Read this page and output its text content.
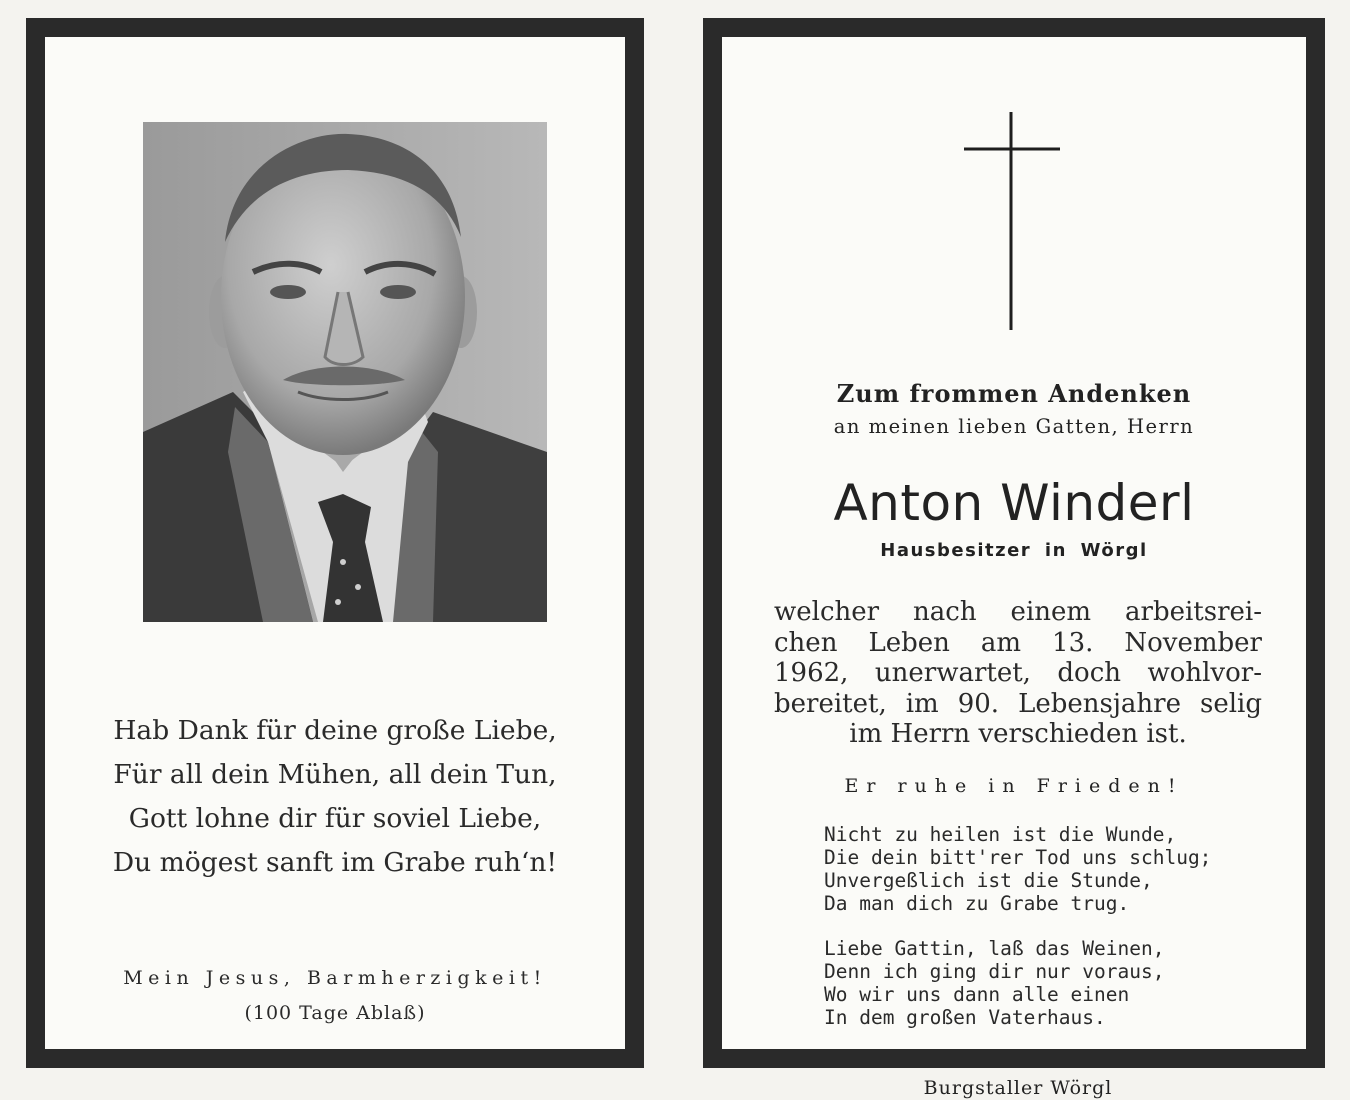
Hab Dank für deine große Liebe,
Für all dein Mühen, all dein Tun,
Gott lohne dir für soviel Liebe,
Du mögest sanft im Grabe ruh‘n!
Mein Jesus, Barmherzigkeit!
(100 Tage Ablaß)
Zum frommen Andenken
an meinen lieben Gatten, Herrn
Anton Winderl
Hausbesitzer in Wörgl
welcher nach einem arbeitsrei-
chen Leben am 13. November
1962, unerwartet, doch wohlvor-
bereitet, im 90. Lebensjahre selig
im Herrn verschieden ist.
Er ruhe in Frieden!
Nicht zu heilen ist die Wunde,
Die dein bitt'rer Tod uns schlug;
Unvergeßlich ist die Stunde,
Da man dich zu Grabe trug.
Liebe Gattin, laß das Weinen,
Denn ich ging dir nur voraus,
Wo wir uns dann alle einen
In dem großen Vaterhaus.
Burgstaller Wörgl
